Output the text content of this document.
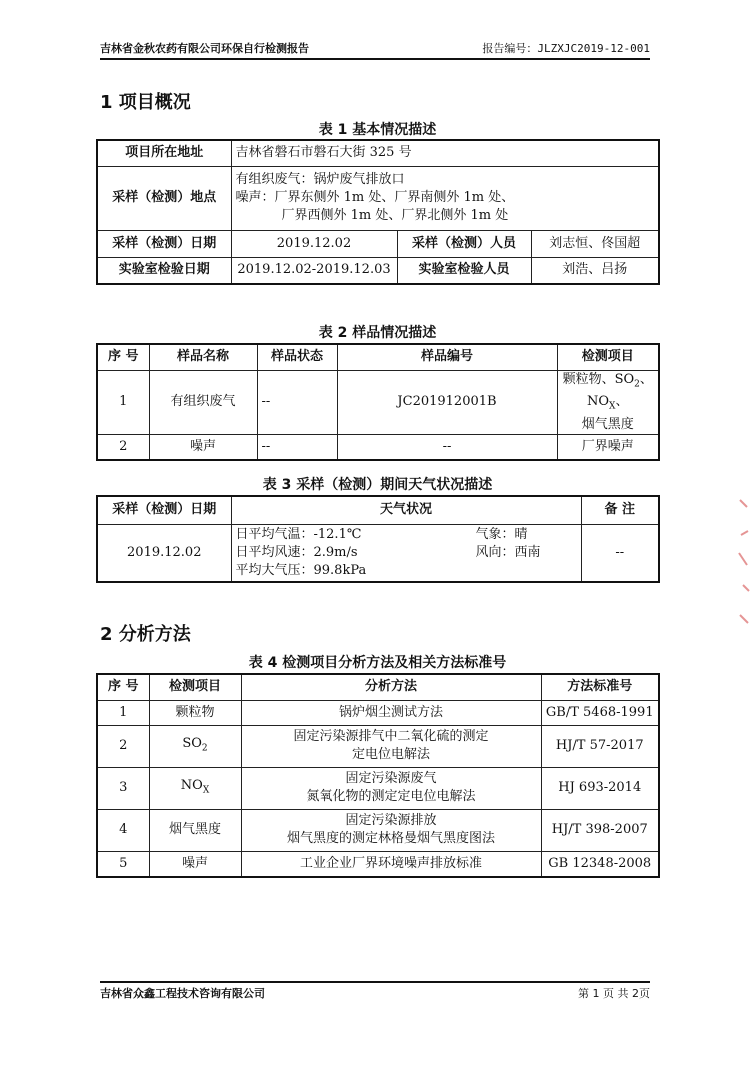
吉林省金秋农药有限公司环保自行检测报告	报告编号：JLZXJC2019-12-001
1 项目概况
表 1 基本情况描述
项目所在地址	吉林省磐石市磐石大街 325 号		
采样（检测）地点	有组织废气：锅炉废气排放口
噪声：厂界东侧外 1m 处、厂界南侧外 1m 处、
厂界西侧外 1m 处、厂界北侧外 1m 处		

采样（检测）日期	2019.12.02	采样（检测）人员	刘志恒、佟国超
实验室检验日期	2019.12.02-2019.12.03	实验室检验人员	刘浩、吕扬
表 2 样品情况描述
序 号	样品名称	样品状态	样品编号	检测项目
1	有组织废气	--	JC201912001B	颗粒物、$SO_2$、$NO_X$、
烟气黑度

2	噪声	--	--	厂界噪声
表 3 采样（检测）期间天气状况描述
采样（检测）日期	天气状况	备 注
2019.12.02	日平均气温：-12.1℃ 气象：晴
日平均风速：2.9m/s 风向：西南
平均大气压：99.8kPa	--
2 分析方法
表 4 检测项目分析方法及相关方法标准号
序 号	检测项目	分析方法	方法标准号
1	颗粒物	锅炉烟尘测试方法	GB/T 5468-1991
2	$SO_2$	固定污染源排气中二氧化硫的测定
定电位电解法	HJ/T 57-2017
3	$NO_X$	固定污染源废气
氮氧化物的测定定电位电解法	HJ 693-2014
4	烟气黑度	固定污染源排放
烟气黑度的测定林格曼烟气黑度图法	HJ/T 398-2007
5	噪声	工业企业厂界环境噪声排放标准	GB 12348-2008
吉林省众鑫工程技术咨询有限公司	第 1 页 共 2页
